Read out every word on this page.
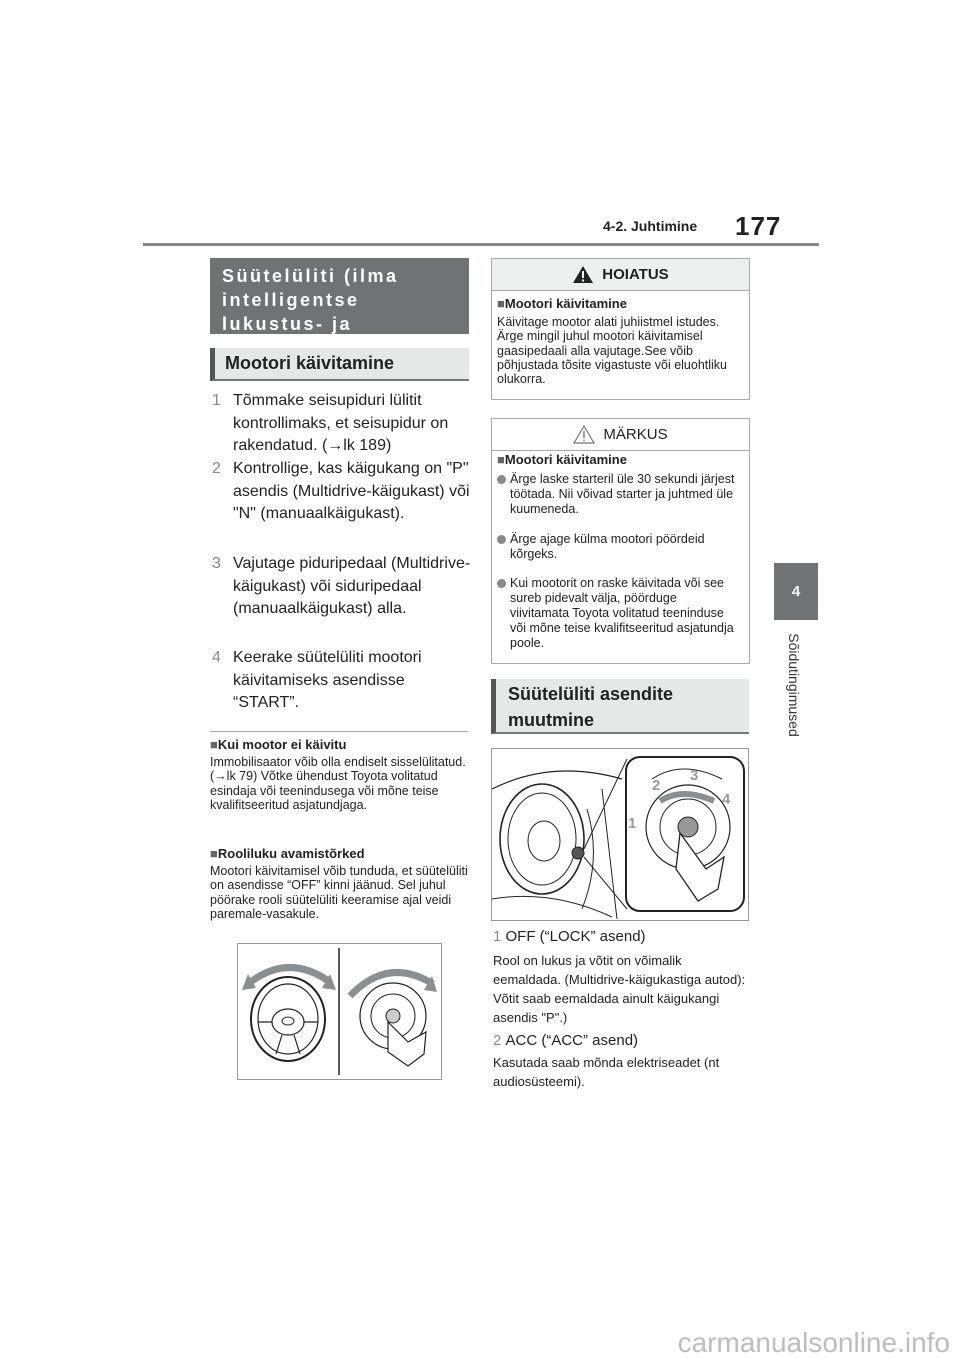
4-2. Juhtimine 177
4
Sõidutingimused
Süütelüliti (ilma intelligentse lukustus- ja
Mootori käivitamine
1 Tõmmake seisupiduri lülitit kontrollimaks, et seisupidur on rakendatud. (→lk 189)
2 Kontrollige, kas käigukang on "P" asendis (Multidrive-käigukast) või "N" (manuaalkäigukast).
3 Vajutage piduripedaal (Multidrive-käigukast) või siduripedaal (manuaalkäigukast) alla.
4 Keerake süütelüliti mootori käivitamiseks asendisse “START”.
■Kui mootor ei käivitu
Immobilisaator võib olla endiselt sisselülitatud. (→lk 79) Võtke ühendust Toyota volitatud esindaja või teenindusega või mõne teise kvalifitseeritud asjatundjaga.
■Rooliluku avamistõrked
Mootori käivitamisel võib tunduda, et süütelüliti on asendisse “OFF” kinni jäänud. Sel juhul pöörake rooli süütelüliti keeramise ajal veidi paremale-vasakule.
HOIATUS
■Mootori käivitamine
Käivitage mootor alati juhiistmel istudes. Ärge mingil juhul mootori käivitamisel gaasipedaali alla vajutage.See võib põhjustada tõsite vigastuste või eluohtliku olukorra.
MÄRKUS
■Mootori käivitamine
Ärge laske starteril üle 30 sekundi järjest töötada. Nii võivad starter ja juhtmed üle kuumeneda.
Ärge ajage külma mootori pöördeid kõrgeks.
Kui mootorit on raske käivitada või see sureb pidevalt välja, pöörduge viivitamata Toyota volitatud teeninduse või mõne teise kvalifitseeritud asjatundja poole.
Süütelüliti asendite muutmine
1
2
3
4
1 OFF (“LOCK” asend)
Rool on lukus ja võtit on võimalik eemaldada. (Multidrive-käigukastiga autod): Võtit saab eemaldada ainult käigukangi asendis "P".)
2 ACC (“ACC” asend)
Kasutada saab mõnda elektriseadet (nt audiosüsteemi).
carmanualsonline.info
